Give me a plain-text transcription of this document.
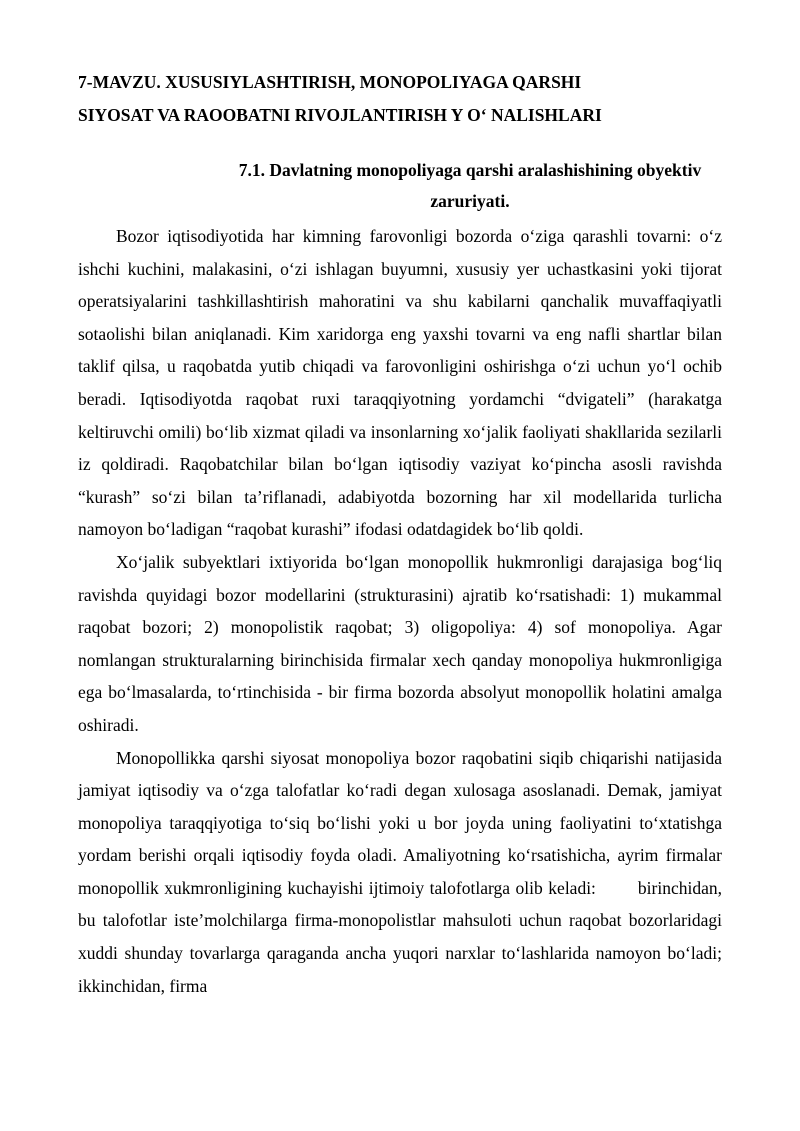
7-MAVZU. XUSUSIYLASHTIRISH, MONOPOLIYAGA QARSHI
SIYOSAT VA RAOOBATNI RIVOJLANTIRISH Y O‘ NALISHLARI
7.1. Davlatning monopoliyaga qarshi aralashishining obyektiv
zaruriyati.

Bozor iqtisodiyotida har kimning farovonligi bozorda o‘ziga qarashli tovarni: o‘z ishchi kuchini, malakasini, o‘zi ishlagan buyumni, xususiy yer uchastkasini yoki tijorat operatsiyalarini tashkillashtirish mahoratini va shu kabilarni qanchalik muvaffaqiyatli sotaolishi bilan aniqlanadi. Kim xaridorga eng yaxshi tovarni va eng nafli shartlar bilan taklif qilsa, u raqobatda yutib chiqadi va farovonligini oshirishga o‘zi uchun yo‘l ochib beradi. Iqtisodiyotda raqobat ruxi taraqqiyotning yordamchi “dvigateli” (harakatga keltiruvchi omili) bo‘lib xizmat qiladi va insonlarning xo‘jalik faoliyati shakllarida sezilarli iz qoldiradi. Raqobatchilar bilan bo‘lgan iqtisodiy vaziyat ko‘pincha asosli ravishda “kurash” so‘zi bilan ta’riflanadi, adabiyotda bozorning har xil modellarida turlicha namoyon bo‘ladigan “raqobat kurashi” ifodasi odatdagidek bo‘lib qoldi.

Xo‘jalik subyektlari ixtiyorida bo‘lgan monopollik hukmronligi darajasiga bog‘liq ravishda quyidagi bozor modellarini (strukturasini) ajratib ko‘rsatishadi: 1) mukammal raqobat bozori; 2) monopolistik raqobat; 3) oligopoliya: 4) sof monopoliya. Agar nomlangan strukturalarning birinchisida firmalar xech qanday monopoliya hukmronligiga ega bo‘lmasalarda, to‘rtinchisida - bir firma bozorda absolyut monopollik holatini amalga oshiradi.

Monopollikka qarshi siyosat monopoliya bozor raqobatini siqib chiqarishi natijasida jamiyat iqtisodiy va o‘zga talofatlar ko‘radi degan xulosaga asoslanadi. Demak, jamiyat monopoliya taraqqiyotiga to‘siq bo‘lishi yoki u bor joyda uning faoliyatini to‘xtatishga yordam berishi orqali iqtisodiy foyda oladi. Amaliyotning ko‘rsatishicha, ayrim firmalar monopollik xukmronligining kuchayishi ijtimoiy talofotlarga olib keladi: birinchidan, bu talofotlar iste’molchilarga firma-monopolistlar mahsuloti uchun raqobat bozorlaridagi xuddi shunday tovarlarga qaraganda ancha yuqori narxlar to‘lashlarida namoyon bo‘ladi; ikkinchidan, firma
